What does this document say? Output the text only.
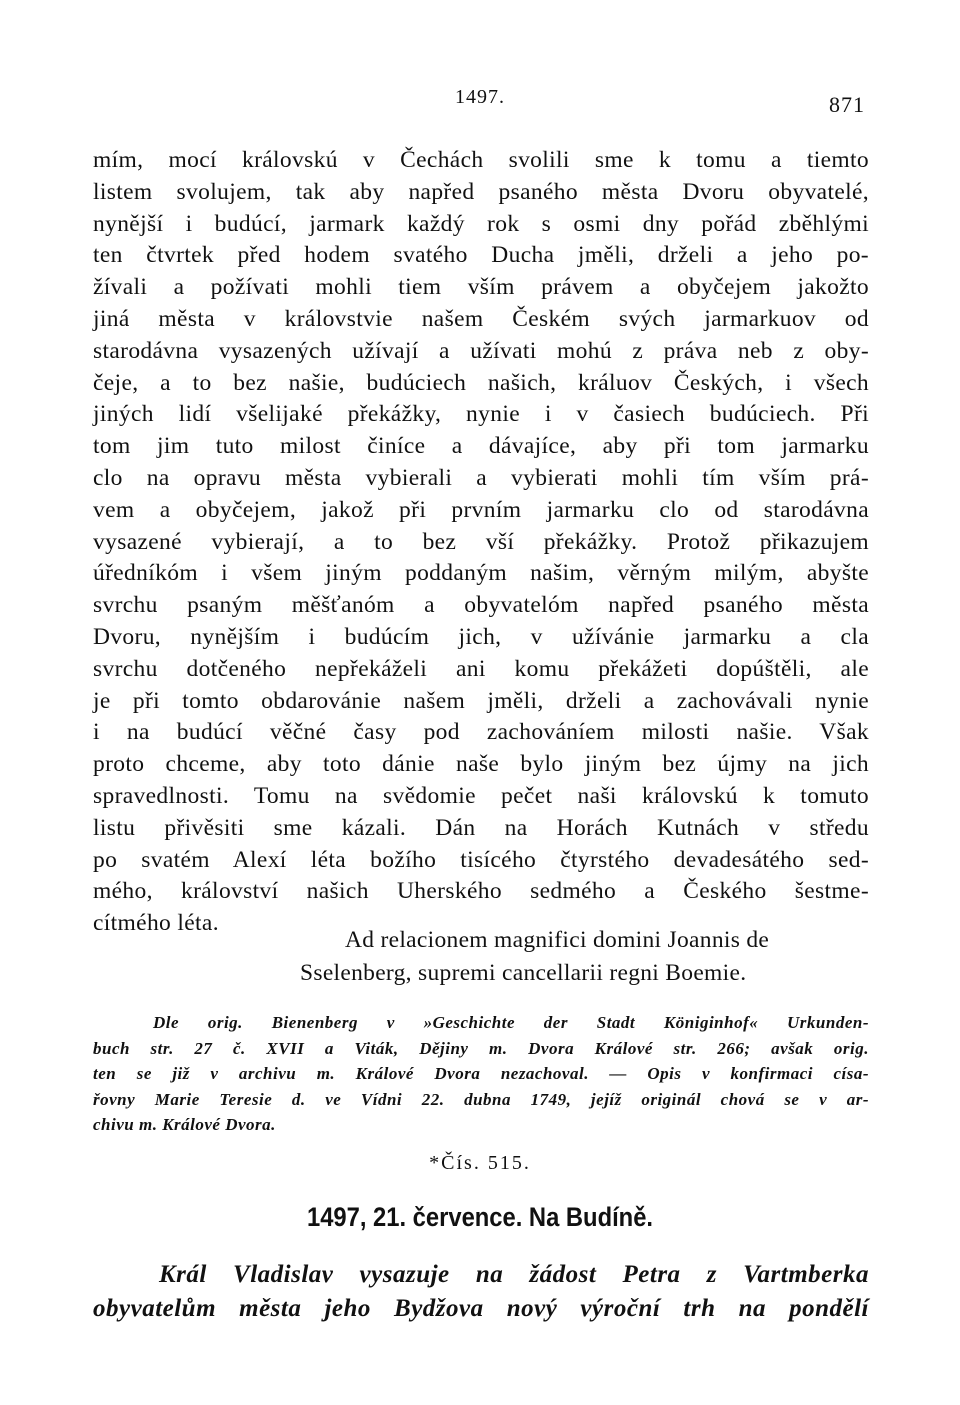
1497.	871
mím, mocí královskú v Čechách svolili sme k tomu a tiemto
listem svolujem, tak aby napřed psaného města Dvoru obyvatelé,
nynější i budúcí, jarmark každý rok s osmi dny pořád zběhlými
ten čtvrtek před hodem svatého Ducha jměli, drželi a jeho po-
žívali a požívati mohli tiem vším právem a obyčejem jakožto
jiná města v královstvie našem Českém svých jarmarkuov od
starodávna vysazených užívají a užívati mohú z práva neb z oby-
čeje, a to bez našie, budúciech našich, králuov Českých, i všech
jiných lidí všelijaké překážky, nynie i v časiech budúciech. Při
tom jim tuto milost činíce a dávajíce, aby při tom jarmarku
clo na opravu města vybierali a vybierati mohli tím vším prá-
vem a obyčejem, jakož při prvním jarmarku clo od starodávna
vysazené vybierají, a to bez vší překážky. Protož přikazujem
úředníkóm i všem jiným poddaným našim, věrným milým, abyšte
svrchu psaným měšťanóm a obyvatelóm napřed psaného města
Dvoru, nynějším i budúcím jich, v užívánie jarmarku a cla
svrchu dotčeného nepřekáželi ani komu překážeti dopúštěli, ale
je při tomto obdarovánie našem jměli, drželi a zachovávali nynie
i na budúcí věčné časy pod zachováníem milosti našie. Však
proto chceme, aby toto dánie naše bylo jiným bez újmy na jich
spravedlnosti. Tomu na svědomie pečet naši královskú k tomuto
listu přivěsiti sme kázali. Dán na Horách Kutnách v středu
po svatém Alexí léta božího tisícého čtyrstého devadesátého sed-
mého, království našich Uherského sedmého a Českého šestme-
cítmého léta.
Ad relacionem magnifici domini Joannis de
Sselenberg, supremi cancellarii regni Boemie.
Dle orig. Bienenberg v »Geschichte der Stadt Königinhof« Urkunden-
buch str. 27 č. XVII a Viták, Dějiny m. Dvora Králové str. 266; avšak orig.
ten se již v archivu m. Králové Dvora nezachoval. — Opis v konfirmaci císa-
řovny Marie Teresie d. ve Vídni 22. dubna 1749, jejíž originál chová se v ar-
chivu m. Králové Dvora.
*Čís. 515.
1497, 21. července. Na Budíně.
Král Vladislav vysazuje na žádost Petra z Vartmberka
obyvatelům města jeho Bydžova nový výroční trh na pondělí
